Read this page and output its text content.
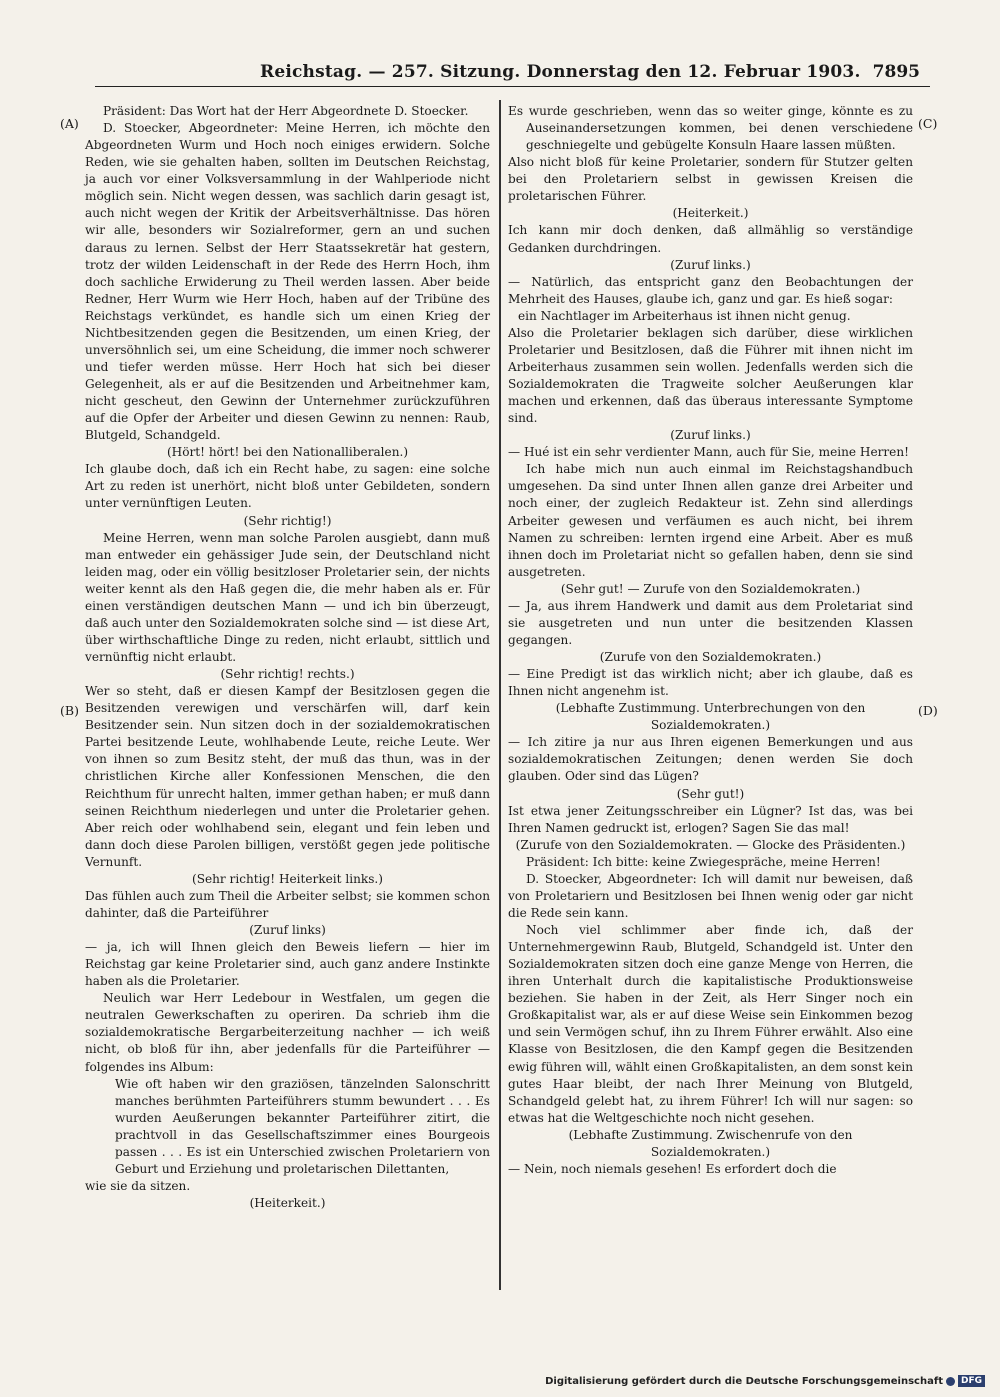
Reichstag. — 257. Sitzung. Donnerstag den 12. Februar 1903. 7895
(A)
(B)
(C)
(D)

Präsident: Das Wort hat der Herr Abgeordnete D. Stoecker.

D. Stoecker, Abgeordneter: Meine Herren, ich möchte den Abgeordneten Wurm und Hoch noch einiges erwidern. Solche Reden, wie sie gehalten haben, sollten im Deutschen Reichstag, ja auch vor einer Volksversammlung in der Wahlperiode nicht möglich sein. Nicht wegen dessen, was sachlich darin gesagt ist, auch nicht wegen der Kritik der Arbeitsverhältnisse. Das hören wir alle, besonders wir Sozialreformer, gern an und suchen daraus zu lernen. Selbst der Herr Staatssekretär hat gestern, trotz der wilden Leidenschaft in der Rede des Herrn Hoch, ihm doch sachliche Erwiderung zu Theil werden lassen. Aber beide Redner, Herr Wurm wie Herr Hoch, haben auf der Tribüne des Reichstags verkündet, es handle sich um einen Krieg der Nichtbesitzenden gegen die Besitzenden, um einen Krieg, der unversöhnlich sei, um eine Scheidung, die immer noch schwerer und tiefer werden müsse. Herr Hoch hat sich bei dieser Gelegenheit, als er auf die Besitzenden und Arbeitnehmer kam, nicht gescheut, den Gewinn der Unternehmer zurückzuführen auf die Opfer der Arbeiter und diesen Gewinn zu nennen: Raub, Blutgeld, Schandgeld.

(Hört! hört! bei den Nationalliberalen.)

Ich glaube doch, daß ich ein Recht habe, zu sagen: eine solche Art zu reden ist unerhört, nicht bloß unter Gebildeten, sondern unter vernünftigen Leuten.

(Sehr richtig!)

Meine Herren, wenn man solche Parolen ausgiebt, dann muß man entweder ein gehässiger Jude sein, der Deutschland nicht leiden mag, oder ein völlig besitzloser Proletarier sein, der nichts weiter kennt als den Haß gegen die, die mehr haben als er. Für einen verständigen deutschen Mann — und ich bin überzeugt, daß auch unter den Sozialdemokraten solche sind — ist diese Art, über wirthschaftliche Dinge zu reden, nicht erlaubt, sittlich und vernünftig nicht erlaubt.

(Sehr richtig! rechts.)

Wer so steht, daß er diesen Kampf der Besitzlosen gegen die Besitzenden verewigen und verschärfen will, darf kein Besitzender sein. Nun sitzen doch in der sozialdemokratischen Partei besitzende Leute, wohlhabende Leute, reiche Leute. Wer von ihnen so zum Besitz steht, der muß das thun, was in der christlichen Kirche aller Konfessionen Menschen, die den Reichthum für unrecht halten, immer gethan haben; er muß dann seinen Reichthum niederlegen und unter die Proletarier gehen. Aber reich oder wohlhabend sein, elegant und fein leben und dann doch diese Parolen billigen, verstößt gegen jede politische Vernunft.

(Sehr richtig! Heiterkeit links.)

Das fühlen auch zum Theil die Arbeiter selbst; sie kommen schon dahinter, daß die Parteiführer

(Zuruf links)

— ja, ich will Ihnen gleich den Beweis liefern — hier im Reichstag gar keine Proletarier sind, auch ganz andere Instinkte haben als die Proletarier.

Neulich war Herr Ledebour in Westfalen, um gegen die neutralen Gewerkschaften zu operiren. Da schrieb ihm die sozialdemokratische Bergarbeiterzeitung nachher — ich weiß nicht, ob bloß für ihn, aber jedenfalls für die Parteiführer — folgendes ins Album:

Wie oft haben wir den graziösen, tänzelnden Salonschritt manches berühmten Parteiführers stumm bewundert . . . Es wurden Aeußerungen bekannter Parteiführer zitirt, die prachtvoll in das Gesellschaftszimmer eines Bourgeois passen . . . Es ist ein Unterschied zwischen Proletariern von Geburt und Erziehung und proletarischen Dilettanten,

wie sie da sitzen.

(Heiterkeit.)

Es wurde geschrieben, wenn das so weiter ginge, könnte es zu Auseinandersetzungen kommen, bei denen verschiedene geschniegelte und gebügelte Konsuln Haare lassen müßten.

Also nicht bloß für keine Proletarier, sondern für Stutzer gelten bei den Proletariern selbst in gewissen Kreisen die proletarischen Führer.

(Heiterkeit.)

Ich kann mir doch denken, daß allmählig so verständige Gedanken durchdringen.

(Zuruf links.)

— Natürlich, das entspricht ganz den Beobachtungen der Mehrheit des Hauses, glaube ich, ganz und gar. Es hieß sogar:

ein Nachtlager im Arbeiterhaus ist ihnen nicht genug.

Also die Proletarier beklagen sich darüber, diese wirklichen Proletarier und Besitzlosen, daß die Führer mit ihnen nicht im Arbeiterhaus zusammen sein wollen. Jedenfalls werden sich die Sozialdemokraten die Tragweite solcher Aeußerungen klar machen und erkennen, daß das überaus interessante Symptome sind.

(Zuruf links.)

— Hué ist ein sehr verdienter Mann, auch für Sie, meine Herren!

Ich habe mich nun auch einmal im Reichstagshandbuch umgesehen. Da sind unter Ihnen allen ganze drei Arbeiter und noch einer, der zugleich Redakteur ist. Zehn sind allerdings Arbeiter gewesen und verfäumen es auch nicht, bei ihrem Namen zu schreiben: lernten irgend eine Arbeit. Aber es muß ihnen doch im Proletariat nicht so gefallen haben, denn sie sind ausgetreten.

(Sehr gut! — Zurufe von den Sozialdemokraten.)

— Ja, aus ihrem Handwerk und damit aus dem Proletariat sind sie ausgetreten und nun unter die besitzenden Klassen gegangen.

(Zurufe von den Sozialdemokraten.)

— Eine Predigt ist das wirklich nicht; aber ich glaube, daß es Ihnen nicht angenehm ist.

(Lebhafte Zustimmung. Unterbrechungen von den Sozialdemokraten.)

— Ich zitire ja nur aus Ihren eigenen Bemerkungen und aus sozialdemokratischen Zeitungen; denen werden Sie doch glauben. Oder sind das Lügen?

(Sehr gut!)

Ist etwa jener Zeitungsschreiber ein Lügner? Ist das, was bei Ihren Namen gedruckt ist, erlogen? Sagen Sie das mal!

(Zurufe von den Sozialdemokraten. — Glocke des Präsidenten.)

Präsident: Ich bitte: keine Zwiegespräche, meine Herren!

D. Stoecker, Abgeordneter: Ich will damit nur beweisen, daß von Proletariern und Besitzlosen bei Ihnen wenig oder gar nicht die Rede sein kann.

Noch viel schlimmer aber finde ich, daß der Unternehmergewinn Raub, Blutgeld, Schandgeld ist. Unter den Sozialdemokraten sitzen doch eine ganze Menge von Herren, die ihren Unterhalt durch die kapitalistische Produktionsweise beziehen. Sie haben in der Zeit, als Herr Singer noch ein Großkapitalist war, als er auf diese Weise sein Einkommen bezog und sein Vermögen schuf, ihn zu Ihrem Führer erwählt. Also eine Klasse von Besitzlosen, die den Kampf gegen die Besitzenden ewig führen will, wählt einen Großkapitalisten, an dem sonst kein gutes Haar bleibt, der nach Ihrer Meinung von Blutgeld, Schandgeld gelebt hat, zu ihrem Führer! Ich will nur sagen: so etwas hat die Weltgeschichte noch nicht gesehen.

(Lebhafte Zustimmung. Zwischenrufe von den Sozialdemokraten.)

— Nein, noch niemals gesehen! Es erfordert doch die

Digitalisierung gefördert durch die Deutsche Forschungsgemeinschaft	DFG
